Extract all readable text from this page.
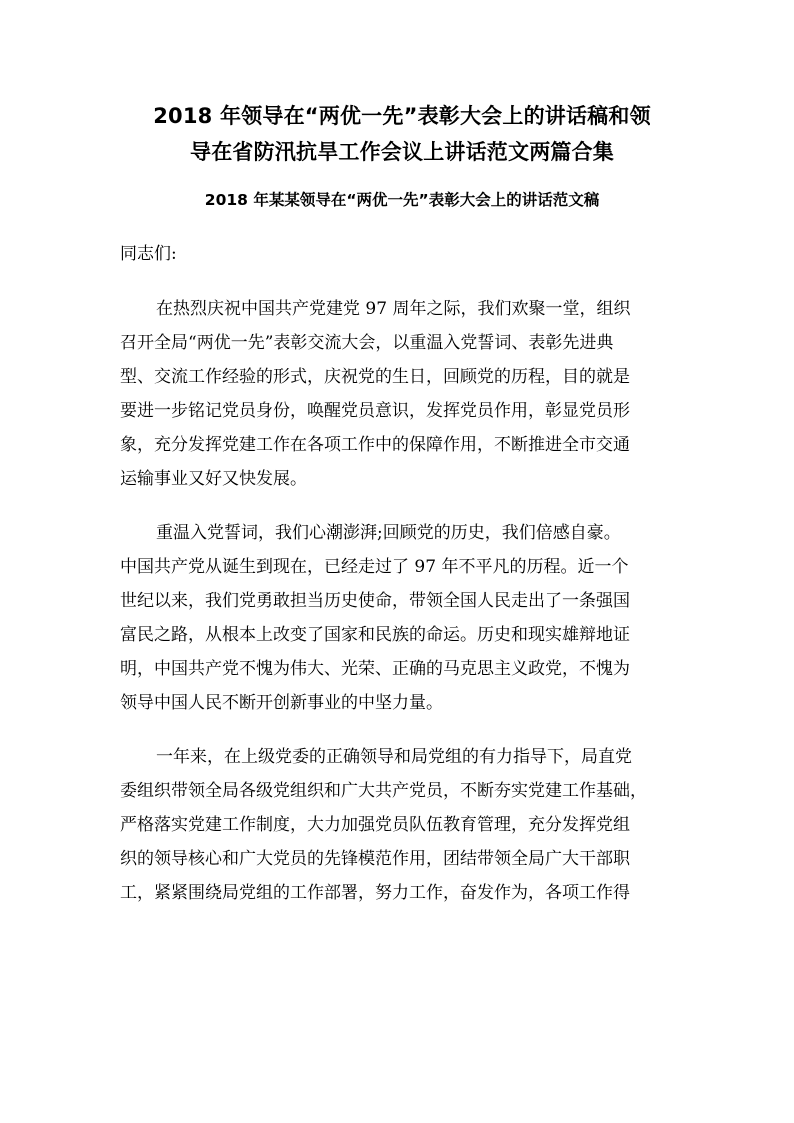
2018 年领导在“两优一先”表彰大会上的讲话稿和领
导在省防汛抗旱工作会议上讲话范文两篇合集
2018 年某某领导在“两优一先”表彰大会上的讲话范文稿

同志们:

在热烈庆祝中国共产党建党 97 周年之际，我们欢聚一堂，组织
召开全局“两优一先”表彰交流大会，以重温入党誓词、表彰先进典
型、交流工作经验的形式，庆祝党的生日，回顾党的历程，目的就是
要进一步铭记党员身份，唤醒党员意识，发挥党员作用，彰显党员形
象，充分发挥党建工作在各项工作中的保障作用，不断推进全市交通
运输事业又好又快发展。

重温入党誓词，我们心潮澎湃;回顾党的历史，我们倍感自豪。
中国共产党从诞生到现在，已经走过了 97 年不平凡的历程。近一个
世纪以来，我们党勇敢担当历史使命，带领全国人民走出了一条强国
富民之路，从根本上改变了国家和民族的命运。历史和现实雄辩地证
明，中国共产党不愧为伟大、光荣、正确的马克思主义政党，不愧为
领导中国人民不断开创新事业的中坚力量。

一年来，在上级党委的正确领导和局党组的有力指导下，局直党
委组织带领全局各级党组织和广大共产党员，不断夯实党建工作基础，
严格落实党建工作制度，大力加强党员队伍教育管理，充分发挥党组
织的领导核心和广大党员的先锋模范作用，团结带领全局广大干部职
工，紧紧围绕局党组的工作部署，努力工作，奋发作为，各项工作得
